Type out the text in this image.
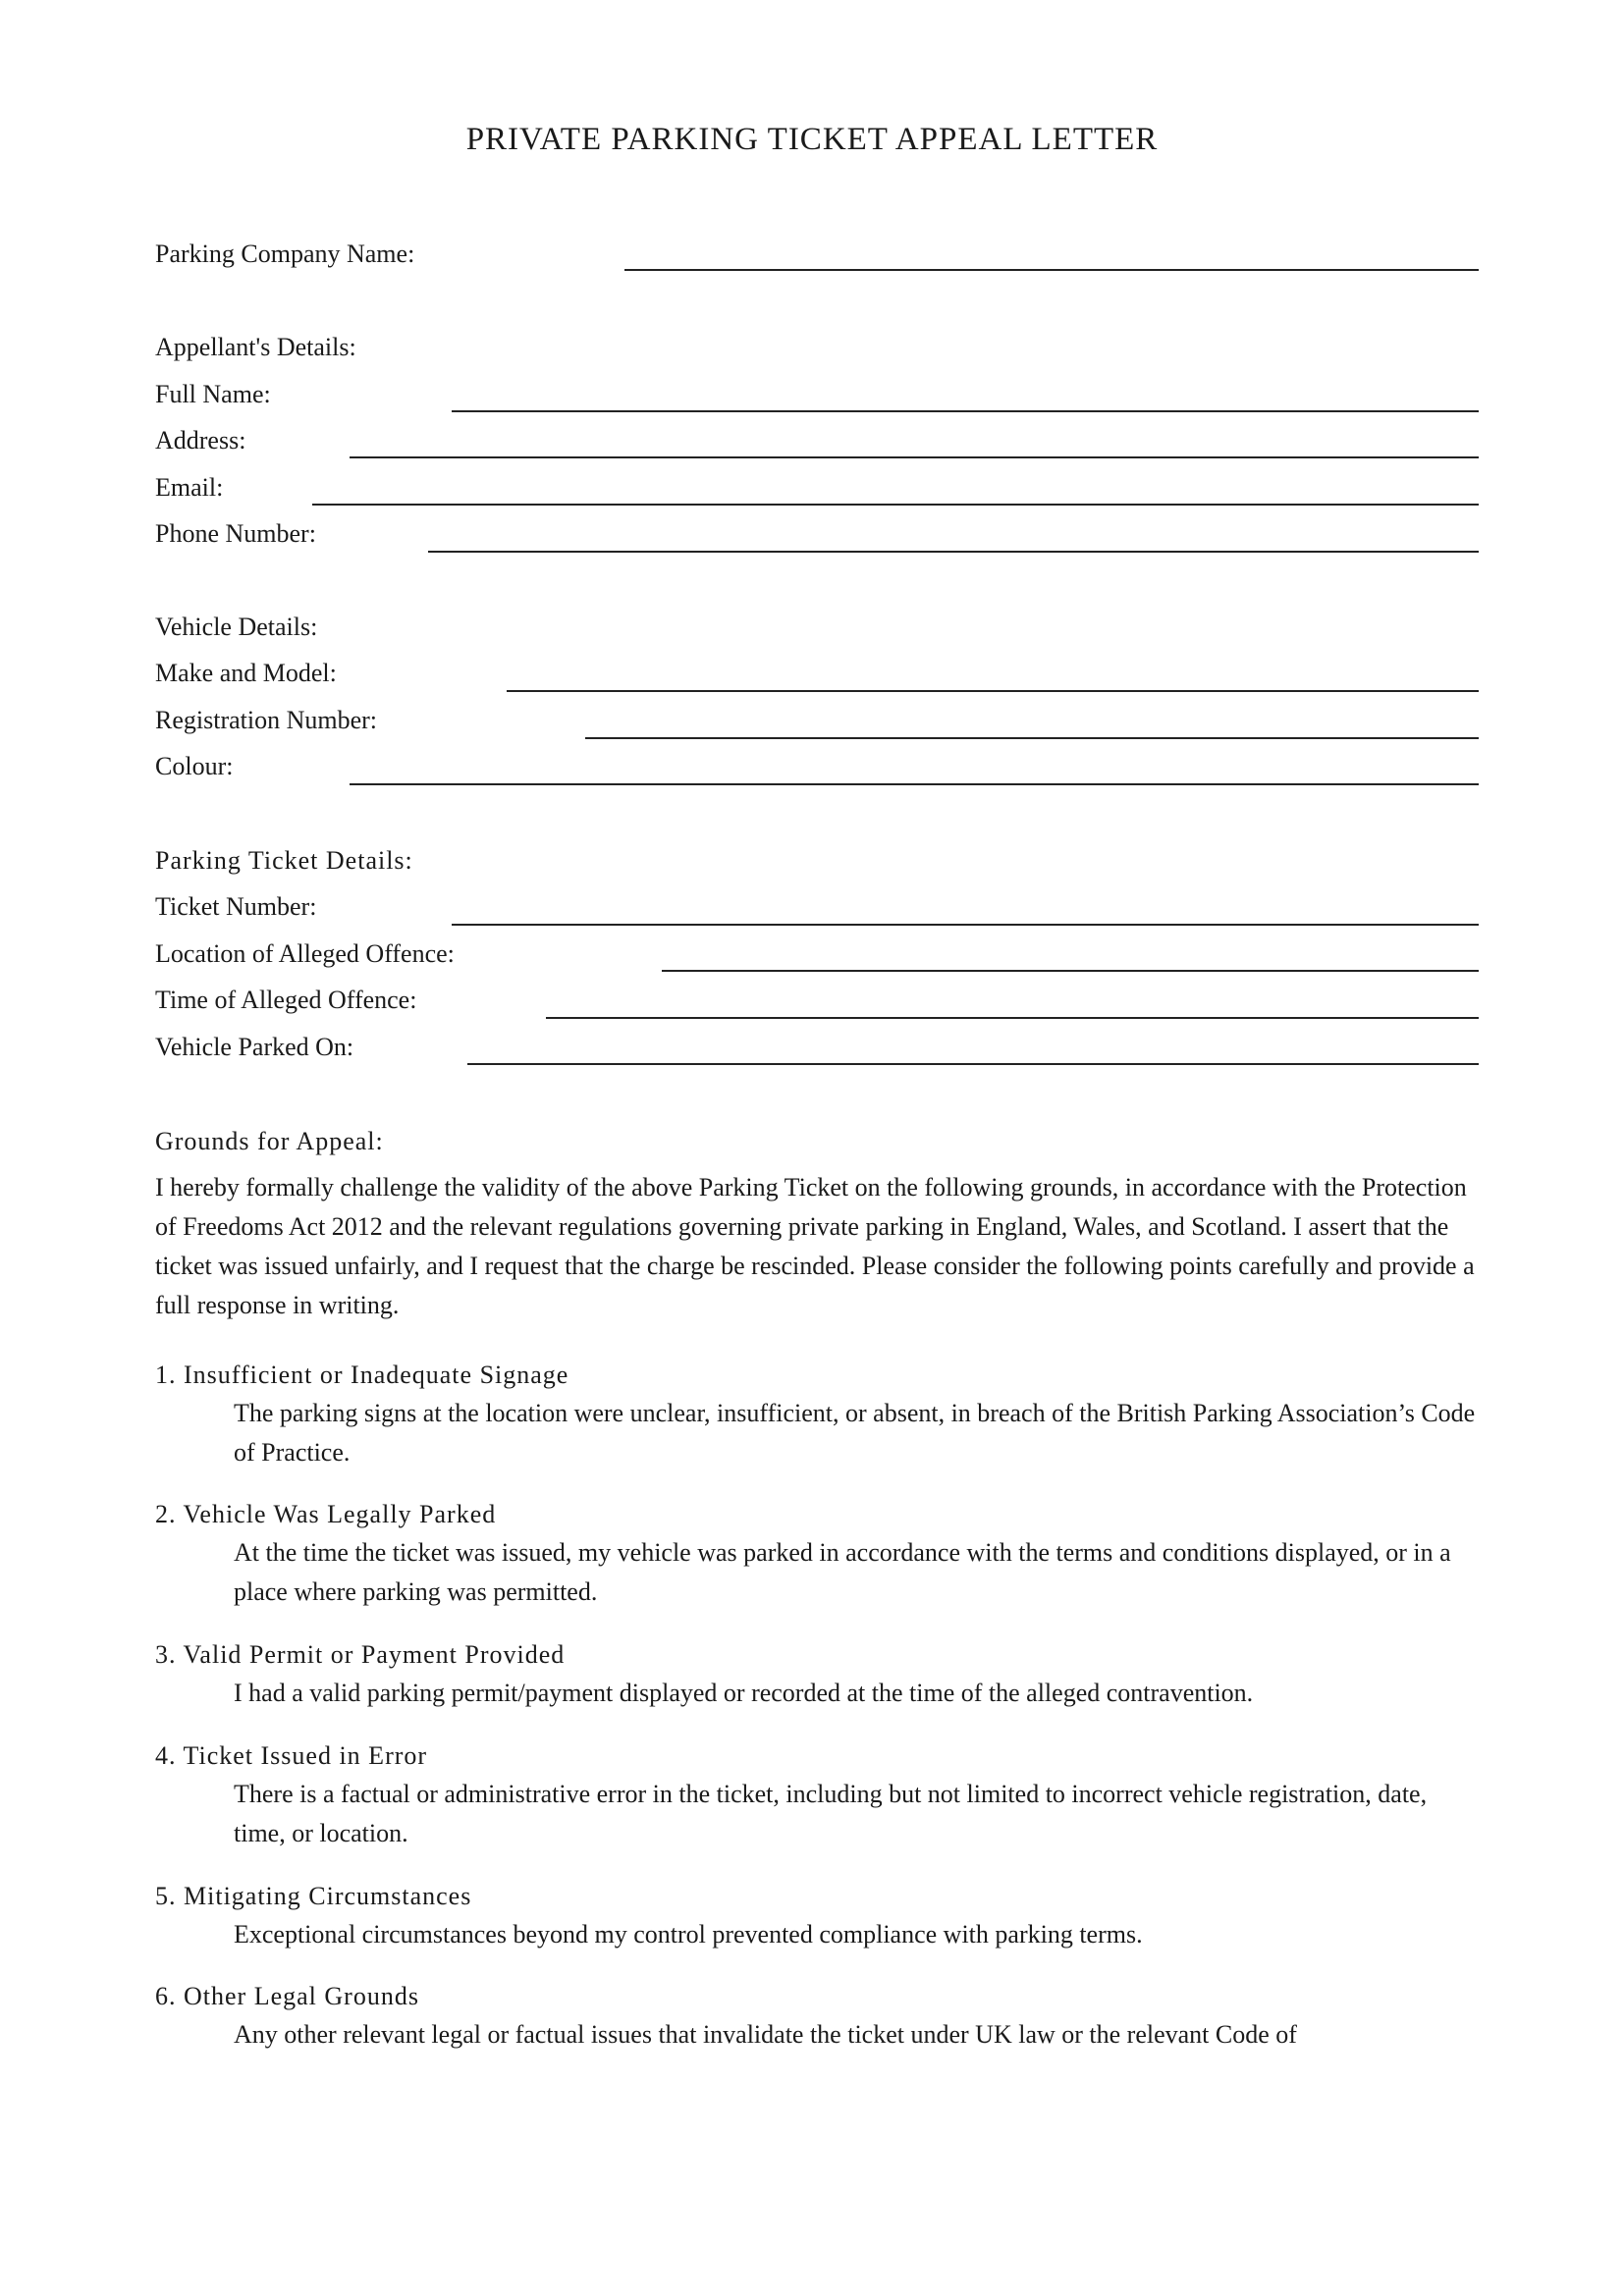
PRIVATE PARKING TICKET APPEAL LETTER
Parking Company Name:
Appellant's Details:
Full Name:
Address:
Email:
Phone Number:
Vehicle Details:
Make and Model:
Registration Number:
Colour:
Parking Ticket Details:
Ticket Number:
Location of Alleged Offence:
Time of Alleged Offence:
Vehicle Parked On:
Grounds for Appeal:
I hereby formally challenge the validity of the above Parking Ticket on the following grounds, in accordance with the Protection of Freedoms Act 2012 and the relevant regulations governing private parking in England, Wales, and Scotland. I assert that the ticket was issued unfairly, and I request that the charge be rescinded. Please consider the following points carefully and provide a full response in writing.
1. Insufficient or Inadequate Signage
The parking signs at the location were unclear, insufficient, or absent, in breach of the British Parking Association’s Code of Practice.
2. Vehicle Was Legally Parked
At the time the ticket was issued, my vehicle was parked in accordance with the terms and conditions displayed, or in a place where parking was permitted.
3. Valid Permit or Payment Provided
I had a valid parking permit/payment displayed or recorded at the time of the alleged contravention.
4. Ticket Issued in Error
There is a factual or administrative error in the ticket, including but not limited to incorrect vehicle registration, date, time, or location.
5. Mitigating Circumstances
Exceptional circumstances beyond my control prevented compliance with parking terms.
6. Other Legal Grounds
Any other relevant legal or factual issues that invalidate the ticket under UK law or the relevant Code of
